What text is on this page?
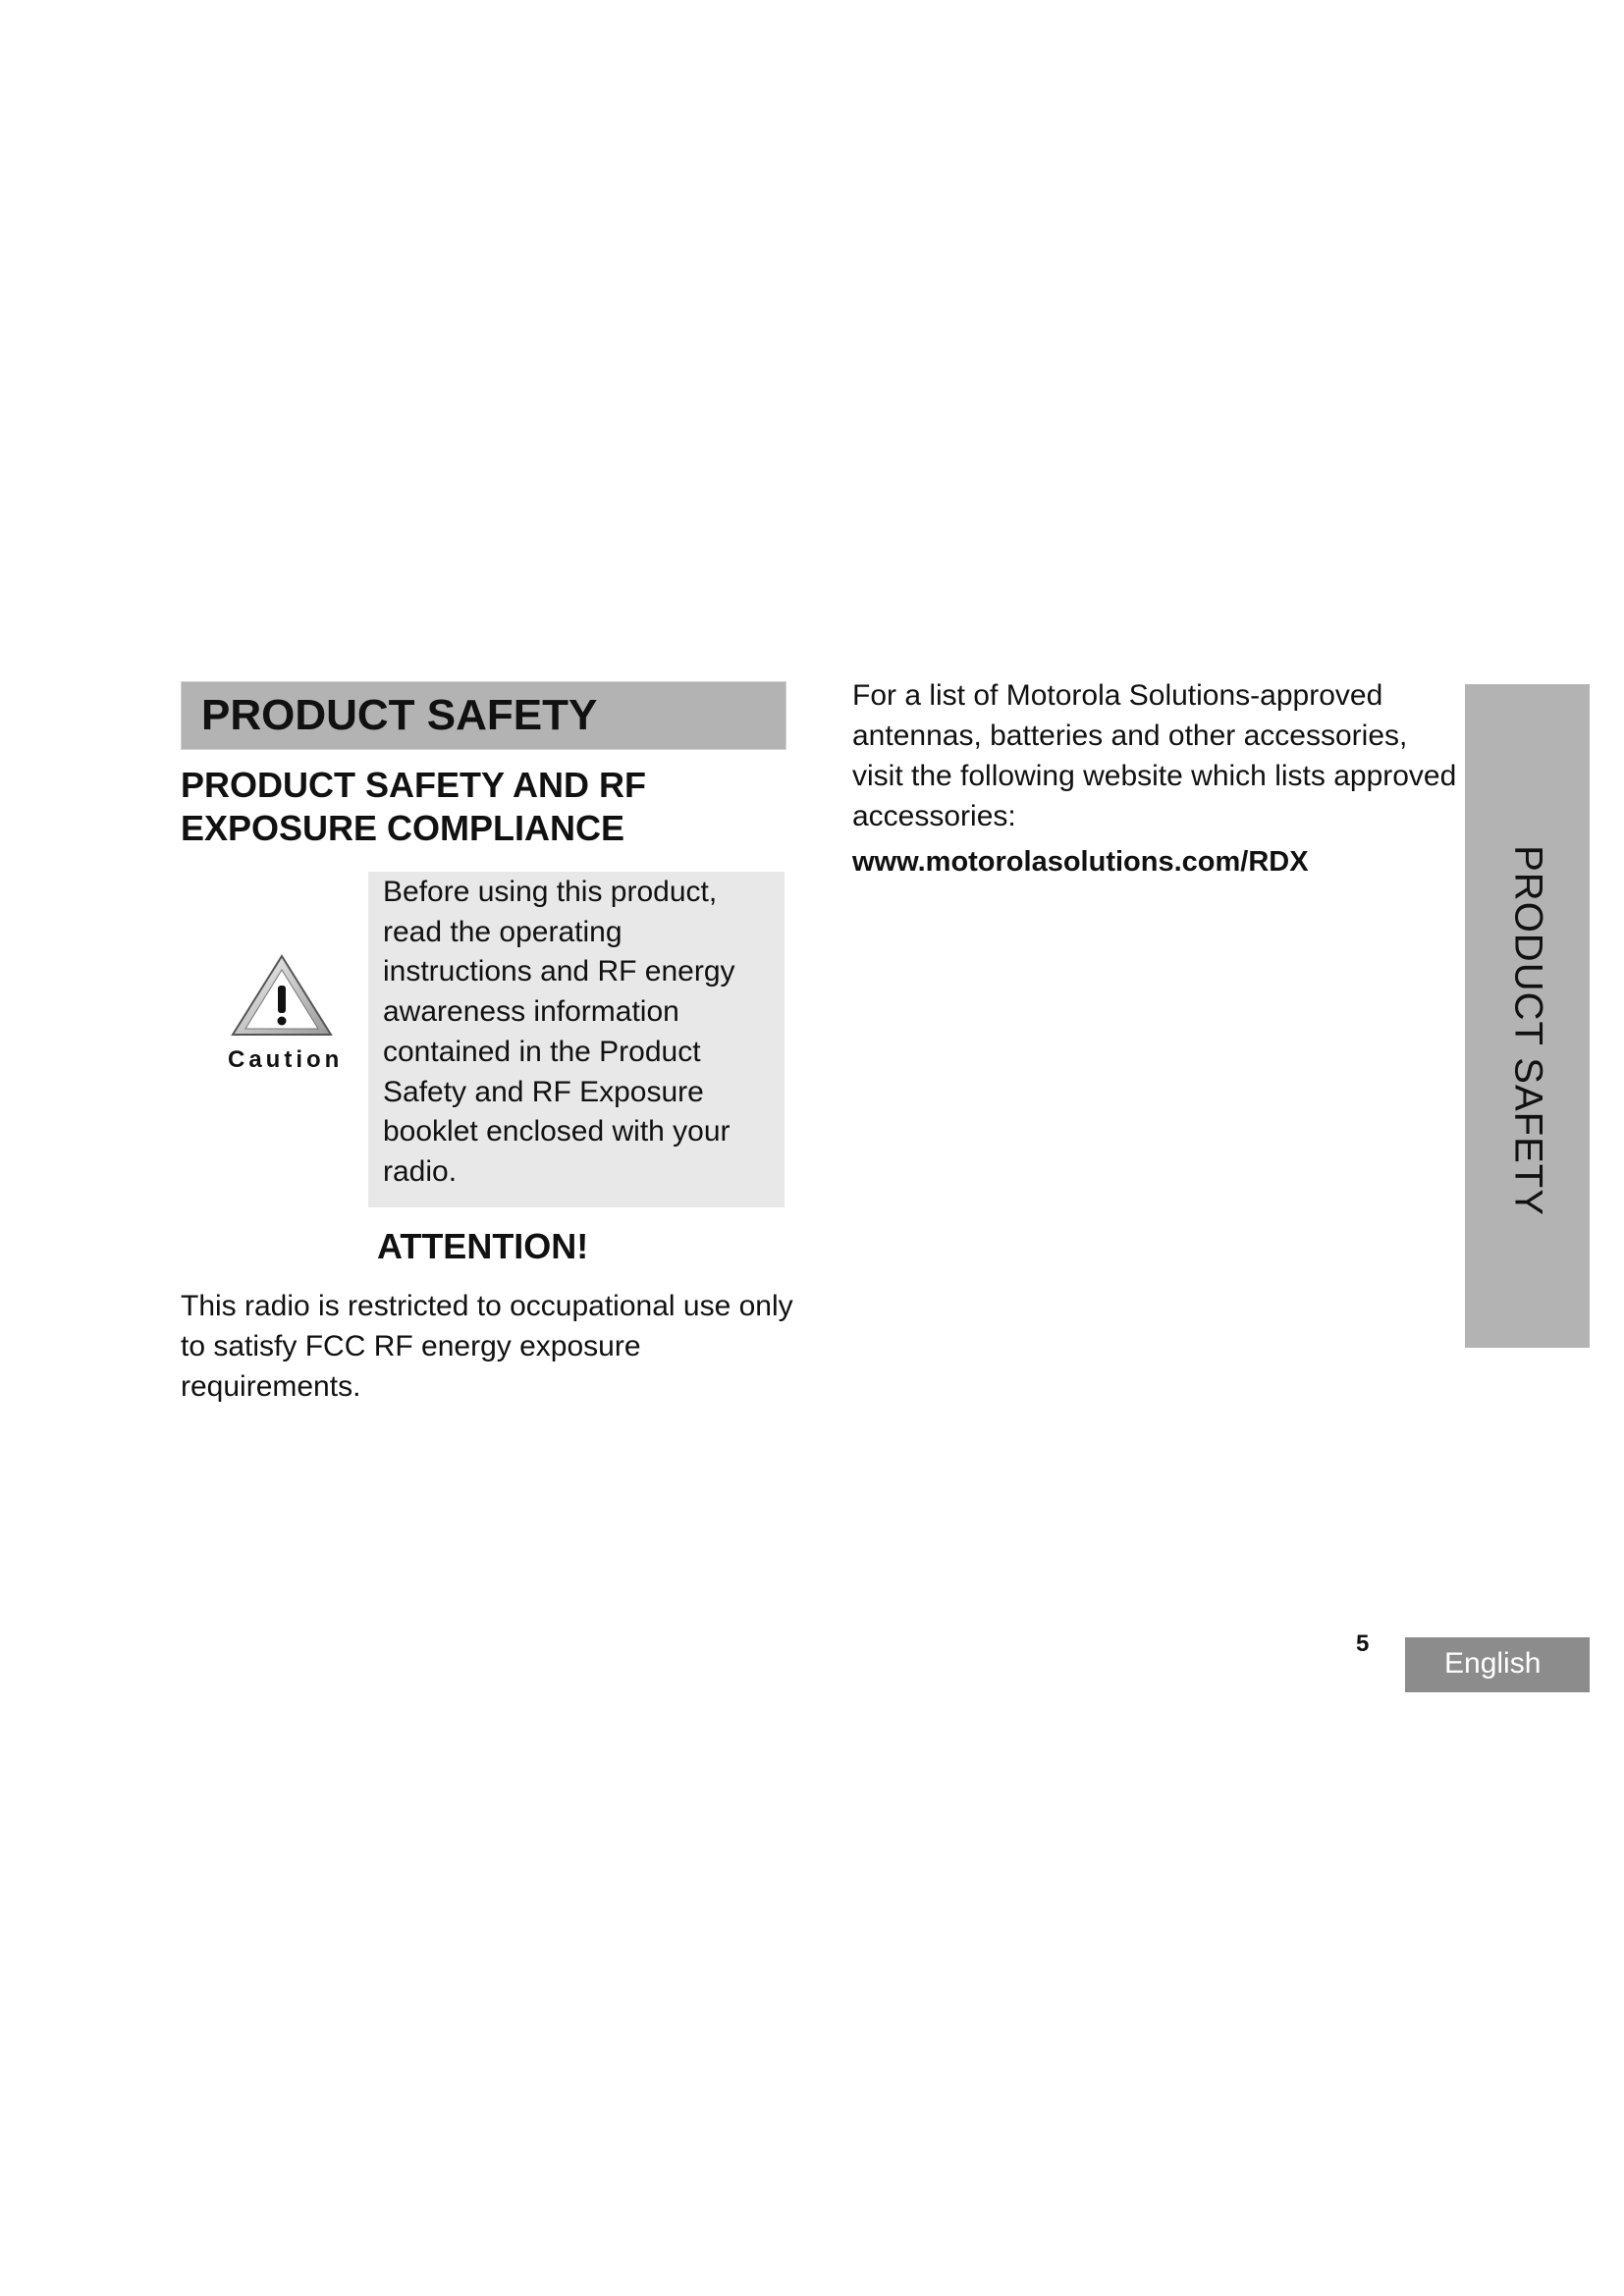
PRODUCT SAFETY
PRODUCT SAFETY AND RF
EXPOSURE COMPLIANCE
Caution
Before using this product, read the operating instructions and RF energy awareness information contained in the Product Safety and RF Exposure booklet enclosed with your radio.
ATTENTION!

This radio is restricted to occupational use only to satisfy FCC RF energy exposure requirements.

For a list of Motorola Solutions-approved antennas, batteries and other accessories, visit the following website which lists approved accessories:

www.motorolasolutions.com/RDX	PRODUCT SAFETY
5
English
